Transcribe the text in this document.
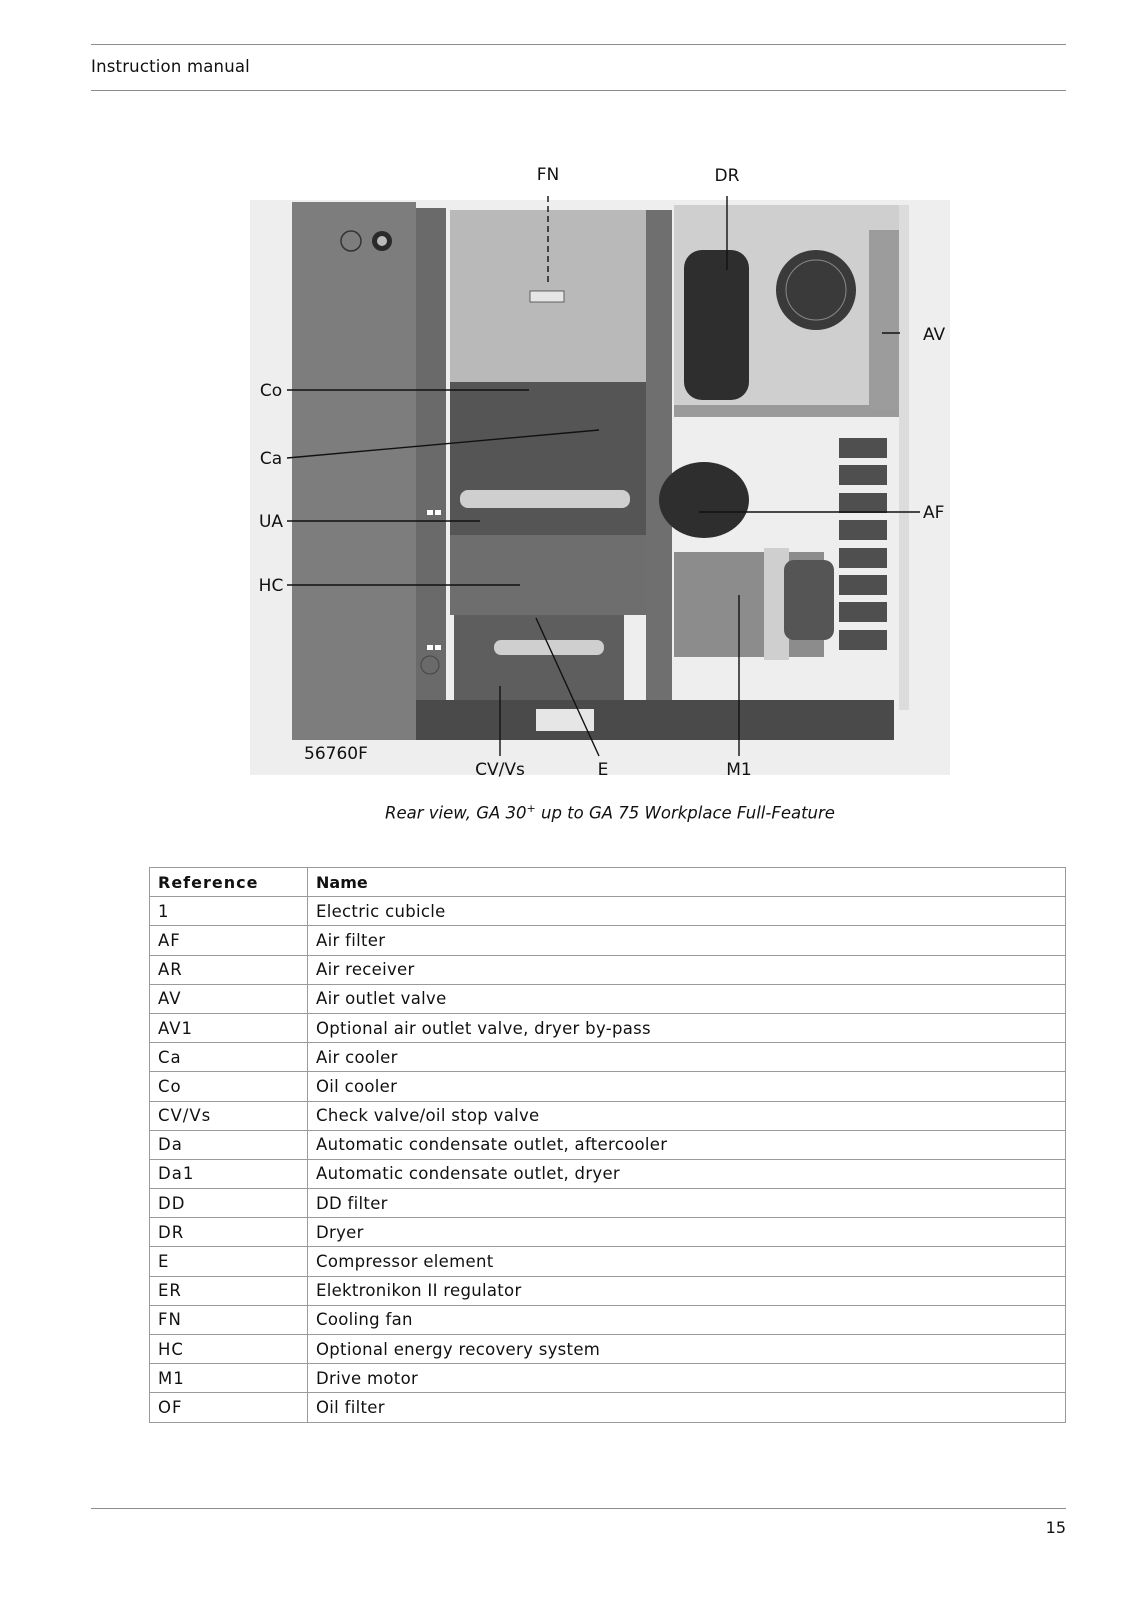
Instruction manual
FN	DR
AV
AF
Co
Ca
UA
HC
56760F
CV/Vs	E	M1
Rear view, GA 30+ up to GA 75 Workplace Full-Feature
Reference	Name
1	Electric cubicle
AF	Air filter
AR	Air receiver
AV	Air outlet valve
AV1	Optional air outlet valve, dryer by-pass
Ca	Air cooler
Co	Oil cooler
CV/Vs	Check valve/oil stop valve
Da	Automatic condensate outlet, aftercooler
Da1	Automatic condensate outlet, dryer
DD	DD filter
DR	Dryer
E	Compressor element
ER	Elektronikon II regulator
FN	Cooling fan
HC	Optional energy recovery system
M1	Drive motor
OF	Oil filter
15
